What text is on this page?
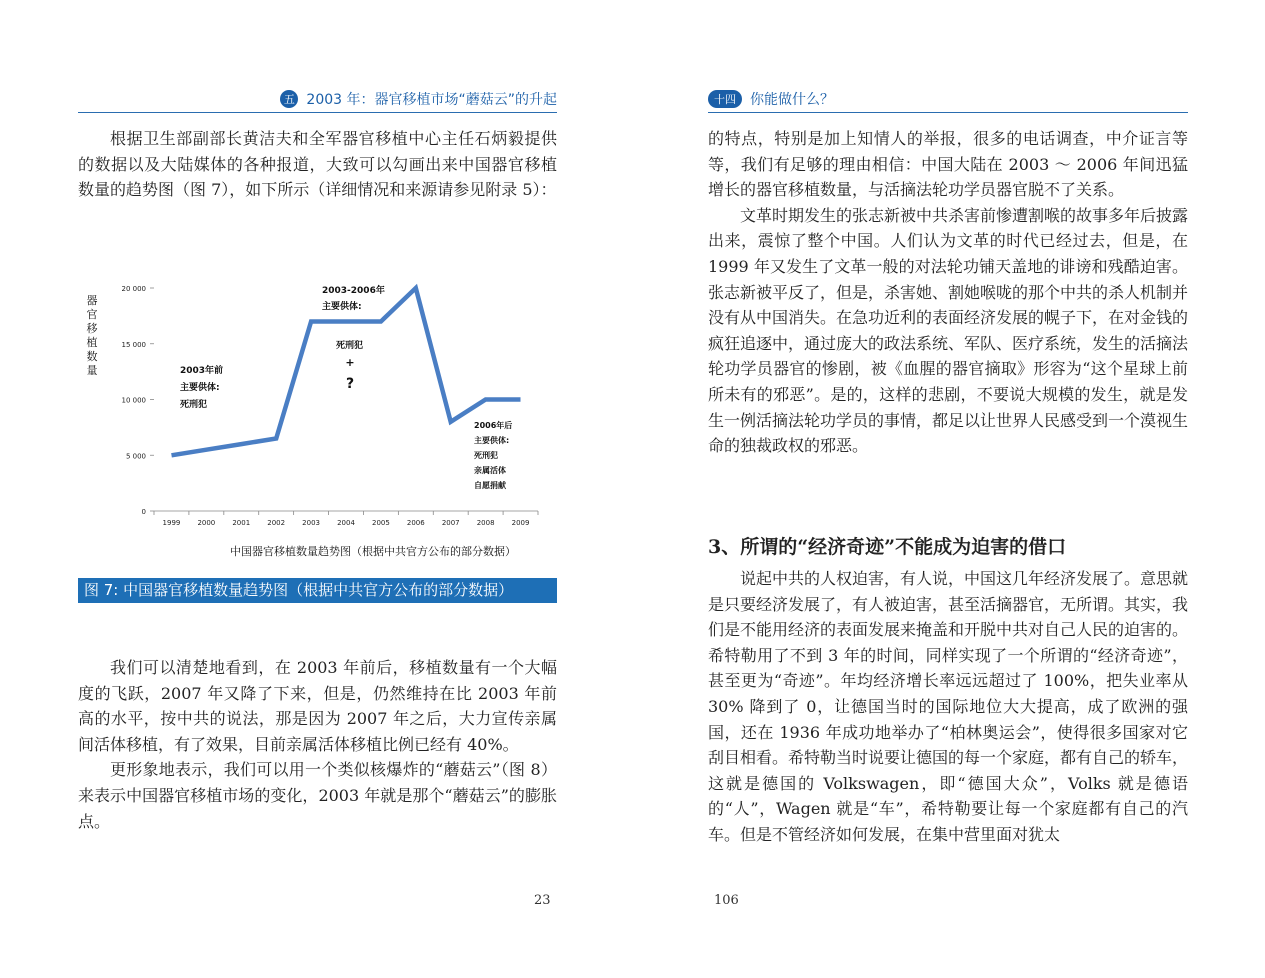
五 2003 年：器官移植市场“蘑菇云”的升起

根据卫生部副部长黄洁夫和全军器官移植中心主任石炳毅提供的数据以及大陆媒体的各种报道，大致可以勾画出来中国器官移植数量的趋势图（图 7），如下所示（详细情况和来源请参见附录 5）：

器
官
移
植
数
量
0
5 000
10 000
15 000
20 000
1999 2000 2001 2002 2003 2004 2005 2006 2007 2008 2009
2003年前
主要供体:
死刑犯
2003-2006年
主要供体:
死刑犯
+
?
2006年后
主要供体:
死刑犯
亲属活体
自愿捐献
中国器官移植数量趋势图（根据中共官方公布的部分数据）
图 7: 中国器官移植数量趋势图（根据中共官方公布的部分数据）

我们可以清楚地看到，在 2003 年前后，移植数量有一个大幅度的飞跃，2007 年又降了下来，但是，仍然维持在比 2003 年前高的水平，按中共的说法，那是因为 2007 年之后，大力宣传亲属间活体移植，有了效果，目前亲属活体移植比例已经有 40%。

更形象地表示，我们可以用一个类似核爆炸的“蘑菇云”（图 8）来表示中国器官移植市场的变化，2003 年就是那个“蘑菇云”的膨胀点。

23
十四	你能做什么？

的特点，特别是加上知情人的举报，很多的电话调查，中介证言等等，我们有足够的理由相信：中国大陆在 2003 ～ 2006 年间迅猛增长的器官移植数量，与活摘法轮功学员器官脱不了关系。

文革时期发生的张志新被中共杀害前惨遭割喉的故事多年后披露出来，震惊了整个中国。人们认为文革的时代已经过去，但是，在 1999 年又发生了文革一般的对法轮功铺天盖地的诽谤和残酷迫害。张志新被平反了，但是，杀害她、割她喉咙的那个中共的杀人机制并没有从中国消失。在急功近利的表面经济发展的幌子下，在对金钱的疯狂追逐中，通过庞大的政法系统、军队、医疗系统，发生的活摘法轮功学员器官的惨剧，被《血腥的器官摘取》形容为“这个星球上前所未有的邪恶”。是的，这样的悲剧，不要说大规模的发生，就是发生一例活摘法轮功学员的事情，都足以让世界人民感受到一个漠视生命的独裁政权的邪恶。

3、所谓的“经济奇迹”不能成为迫害的借口

说起中共的人权迫害，有人说，中国这几年经济发展了。意思就是只要经济发展了，有人被迫害，甚至活摘器官，无所谓。其实，我们是不能用经济的表面发展来掩盖和开脱中共对自己人民的迫害的。希特勒用了不到 3 年的时间，同样实现了一个所谓的“经济奇迹”，甚至更为“奇迹”。年均经济增长率远远超过了 100%，把失业率从 30% 降到了 0，让德国当时的国际地位大大提高，成了欧洲的强国，还在 1936 年成功地举办了“柏林奥运会”，使得很多国家对它刮目相看。希特勒当时说要让德国的每一个家庭，都有自己的轿车，这就是德国的 Volkswagen，即“德国大众”，Volks 就是德语的“人”，Wagen 就是“车”，希特勒要让每一个家庭都有自己的汽车。但是不管经济如何发展，在集中营里面对犹太

106
